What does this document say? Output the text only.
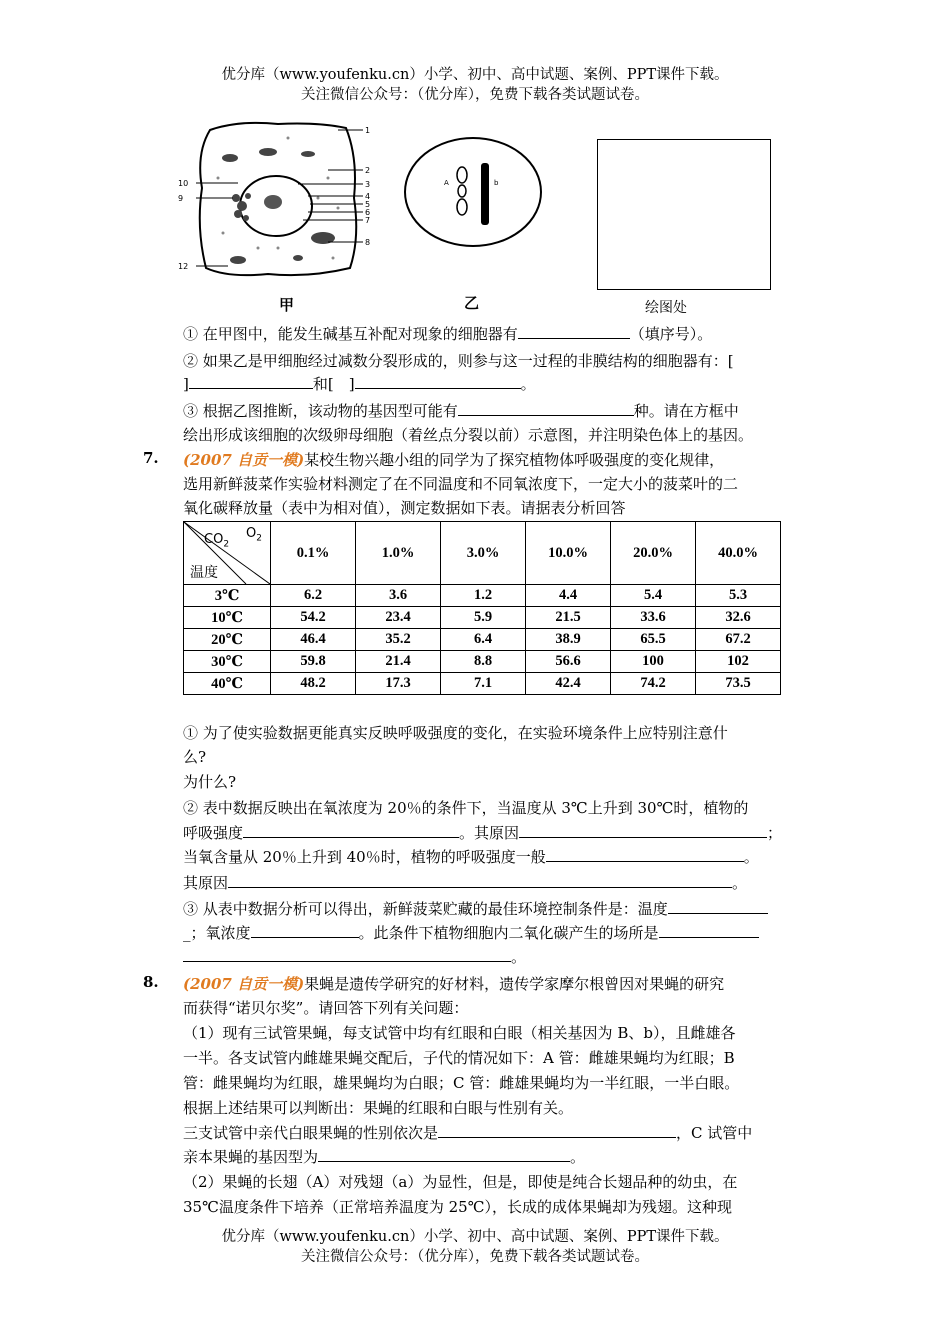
优分库（www.youfenku.cn）小学、初中、高中试题、案例、PPT课件下载。
关注微信公众号：（优分库），免费下载各类试题试卷。
1
2
3
4
5
6
7
8
9
10
12
甲
A	b
乙	绘图处
① 在甲图中，能发生碱基互补配对现象的细胞器有	（填序号）。
② 如果乙是甲细胞经过减数分裂形成的，则参与这一过程的非膜结构的细胞器有：[
]	和[　]	。
③ 根据乙图推断，该动物的基因型可能有	种。请在方框中
绘出形成该细胞的次级卵母细胞（着丝点分裂以前）示意图，并注明染色体上的基因。
7. (2007 自贡一模)某校生物兴趣小组的同学为了探究植物体呼吸强度的变化规律，
选用新鲜菠菜作实验材料测定了在不同温度和不同氧浓度下，一定大小的菠菜叶的二
氧化碳释放量（表中为相对值），测定数据如下表。请据表分析回答
$CO_2$
$O_2$
温度	0.1%	1.0%	3.0%	10.0%	20.0%	40.0%
3℃	6.2	3.6	1.2	4.4	5.4	5.3
10℃	54.2	23.4	5.9	21.5	33.6	32.6
20℃	46.4	35.2	6.4	38.9	65.5	67.2
30℃	59.8	21.4	8.8	56.6	100	102
40℃	48.2	17.3	7.1	42.4	74.2	73.5
① 为了使实验数据更能真实反映呼吸强度的变化，在实验环境条件上应特别注意什
么?
为什么?
② 表中数据反映出在氧浓度为 20％的条件下，当温度从 3℃上升到 30℃时，植物的
呼吸强度	。其原因	；
当氧含量从 20％上升到 40％时，植物的呼吸强度一般	。
其原因	。
③ 从表中数据分析可以得出，新鲜菠菜贮藏的最佳环境控制条件是：温度
_；氧浓度	。此条件下植物细胞内二氧化碳产生的场所是
。
8. (2007 自贡一模)果蝇是遗传学研究的好材料，遗传学家摩尔根曾因对果蝇的研究
而获得“诺贝尔奖”。请回答下列有关问题：
（1）现有三试管果蝇，每支试管中均有红眼和白眼（相关基因为 B、b），且雌雄各
一半。各支试管内雌雄果蝇交配后，子代的情况如下：A 管：雌雄果蝇均为红眼；B
管：雌果蝇均为红眼，雄果蝇均为白眼；C 管：雌雄果蝇均为一半红眼，一半白眼。
根据上述结果可以判断出：果蝇的红眼和白眼与性别有关。
三支试管中亲代白眼果蝇的性别依次是	，C 试管中
亲本果蝇的基因型为	。
（2）果蝇的长翅（A）对残翅（a）为显性，但是，即使是纯合长翅品种的幼虫，在
35℃温度条件下培养（正常培养温度为 25℃），长成的成体果蝇却为残翅。这种现
优分库（www.youfenku.cn）小学、初中、高中试题、案例、PPT课件下载。
关注微信公众号：（优分库），免费下载各类试题试卷。
